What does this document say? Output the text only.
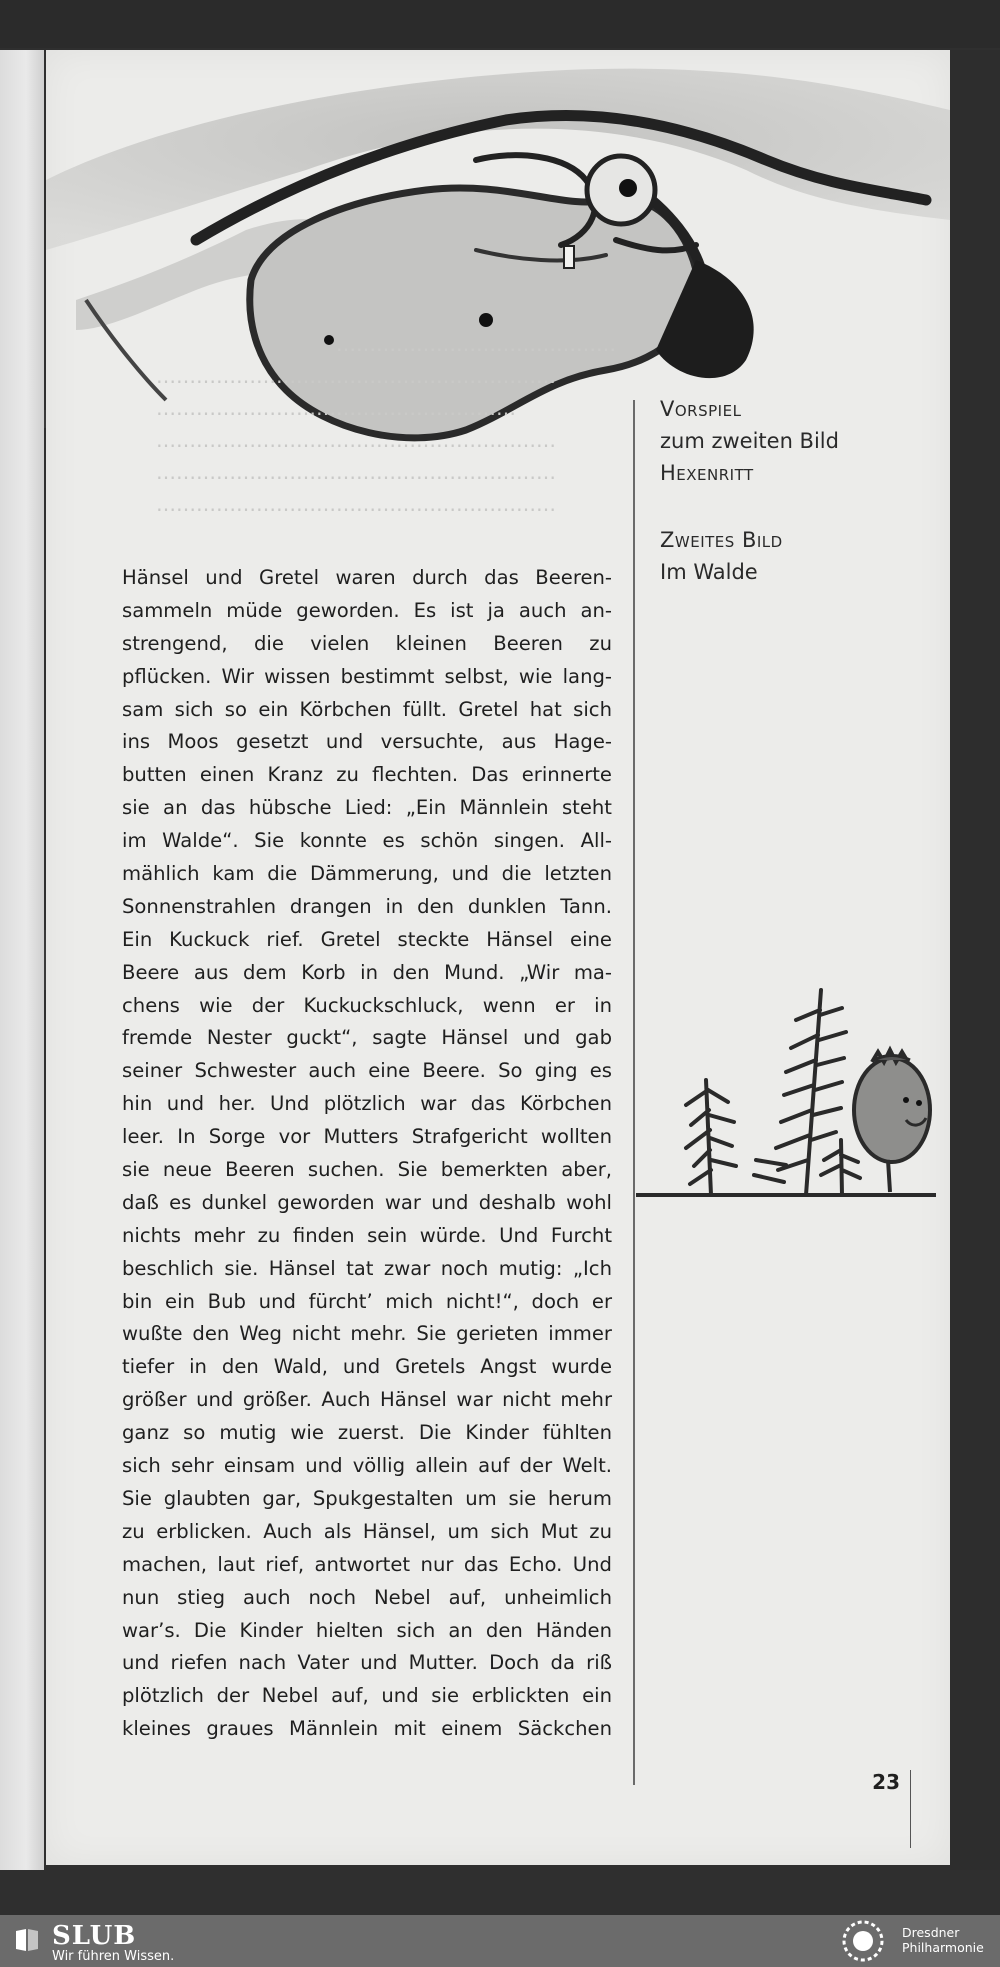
……………………………………
……………………………………………………
………………………………………………
……………………………………………………
……………………………………………………
……………………………………………………
Vorspiel
zum zweiten Bild
Hexenritt
Zweites Bild
Im Walde
Hänsel und Gretel waren durch das Beeren-
sammeln müde geworden. Es ist ja auch an-
strengend, die vielen kleinen Beeren zu
pflücken. Wir wissen bestimmt selbst, wie lang-
sam sich so ein Körbchen füllt. Gretel hat sich
ins Moos gesetzt und versuchte, aus Hage-
butten einen Kranz zu flechten. Das erinnerte
sie an das hübsche Lied: „Ein Männlein steht
im Walde“. Sie konnte es schön singen. All-
mählich kam die Dämmerung, und die letzten
Sonnenstrahlen drangen in den dunklen Tann.
Ein Kuckuck rief. Gretel steckte Hänsel eine
Beere aus dem Korb in den Mund. „Wir ma-
chens wie der Kuckuckschluck, wenn er in
fremde Nester guckt“, sagte Hänsel und gab
seiner Schwester auch eine Beere. So ging es
hin und her. Und plötzlich war das Körbchen
leer. In Sorge vor Mutters Strafgericht wollten
sie neue Beeren suchen. Sie bemerkten aber,
daß es dunkel geworden war und deshalb wohl
nichts mehr zu finden sein würde. Und Furcht
beschlich sie. Hänsel tat zwar noch mutig: „Ich
bin ein Bub und fürcht’ mich nicht!“, doch er
wußte den Weg nicht mehr. Sie gerieten immer
tiefer in den Wald, und Gretels Angst wurde
größer und größer. Auch Hänsel war nicht mehr
ganz so mutig wie zuerst. Die Kinder fühlten
sich sehr einsam und völlig allein auf der Welt.
Sie glaubten gar, Spukgestalten um sie herum
zu erblicken. Auch als Hänsel, um sich Mut zu
machen, laut rief, antwortet nur das Echo. Und
nun stieg auch noch Nebel auf, unheimlich
war’s. Die Kinder hielten sich an den Händen
und riefen nach Vater und Mutter. Doch da riß
plötzlich der Nebel auf, und sie erblickten ein
kleines graues Männlein mit einem Säckchen
23
SLUB
Wir führen Wissen.
Dresdner
Philharmonie
